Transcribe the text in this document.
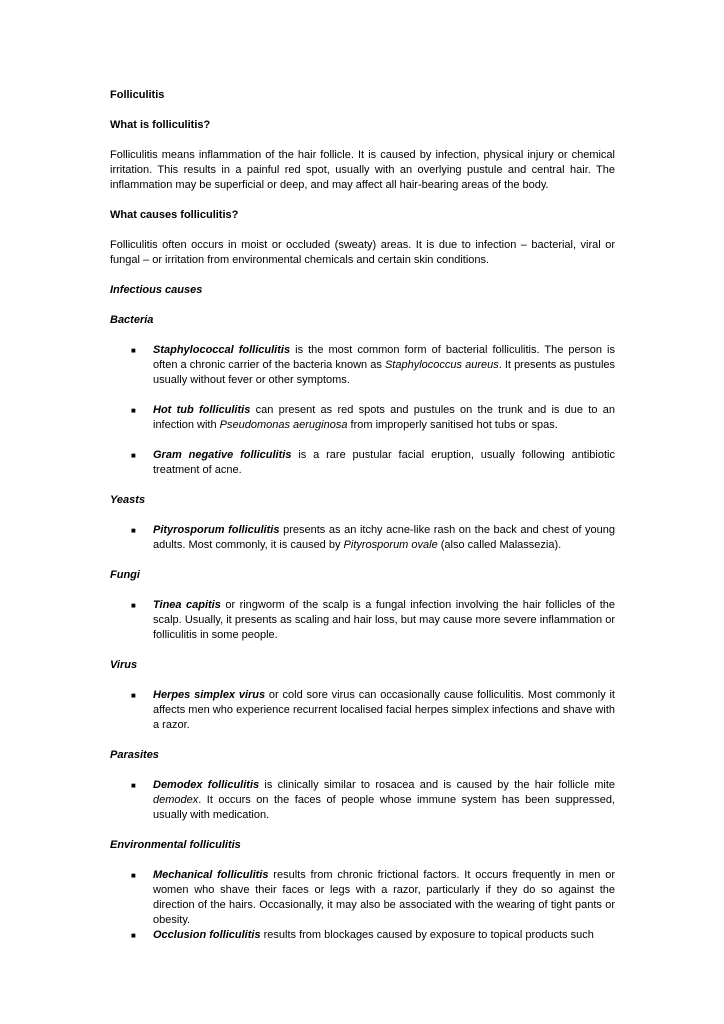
Folliculitis

What is folliculitis?

Folliculitis means inflammation of the hair follicle. It is caused by infection, physical injury or chemical irritation. This results in a painful red spot, usually with an overlying pustule and central hair. The inflammation may be superficial or deep, and may affect all hair-bearing areas of the body.

What causes folliculitis?

Folliculitis often occurs in moist or occluded (sweaty) areas. It is due to infection – bacterial, viral or fungal – or irritation from environmental chemicals and certain skin conditions.

Infectious causes

Bacteria

■ Staphylococcal folliculitis is the most common form of bacterial folliculitis. The person is often a chronic carrier of the bacteria known as Staphylococcus aureus. It presents as pustules usually without fever or other symptoms.
■ Hot tub folliculitis can present as red spots and pustules on the trunk and is due to an infection with Pseudomonas aeruginosa from improperly sanitised hot tubs or spas.
■ Gram negative folliculitis is a rare pustular facial eruption, usually following antibiotic treatment of acne.

Yeasts

■ Pityrosporum folliculitis presents as an itchy acne-like rash on the back and chest of young adults. Most commonly, it is caused by Pityrosporum ovale (also called Malassezia).

Fungi

■ Tinea capitis or ringworm of the scalp is a fungal infection involving the hair follicles of the scalp. Usually, it presents as scaling and hair loss, but may cause more severe inflammation or folliculitis in some people.

Virus

■ Herpes simplex virus or cold sore virus can occasionally cause folliculitis. Most commonly it affects men who experience recurrent localised facial herpes simplex infections and shave with a razor.

Parasites

■ Demodex folliculitis is clinically similar to rosacea and is caused by the hair follicle mite demodex. It occurs on the faces of people whose immune system has been suppressed, usually with medication.

Environmental folliculitis

■ Mechanical folliculitis results from chronic frictional factors. It occurs frequently in men or women who shave their faces or legs with a razor, particularly if they do so against the direction of the hairs. Occasionally, it may also be associated with the wearing of tight pants or obesity.
■ Occlusion folliculitis results from blockages caused by exposure to topical products such
